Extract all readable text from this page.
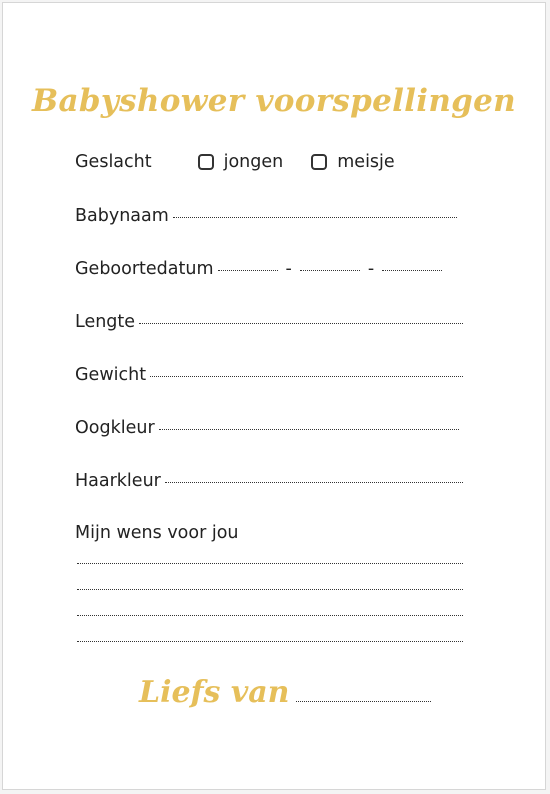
Babyshower voorspellingen
Geslacht	jongen	meisje
Babynaam
Geboortedatum	-	-
Lengte
Gewicht
Oogkleur
Haarkleur
Mijn wens voor jou
Liefs van
